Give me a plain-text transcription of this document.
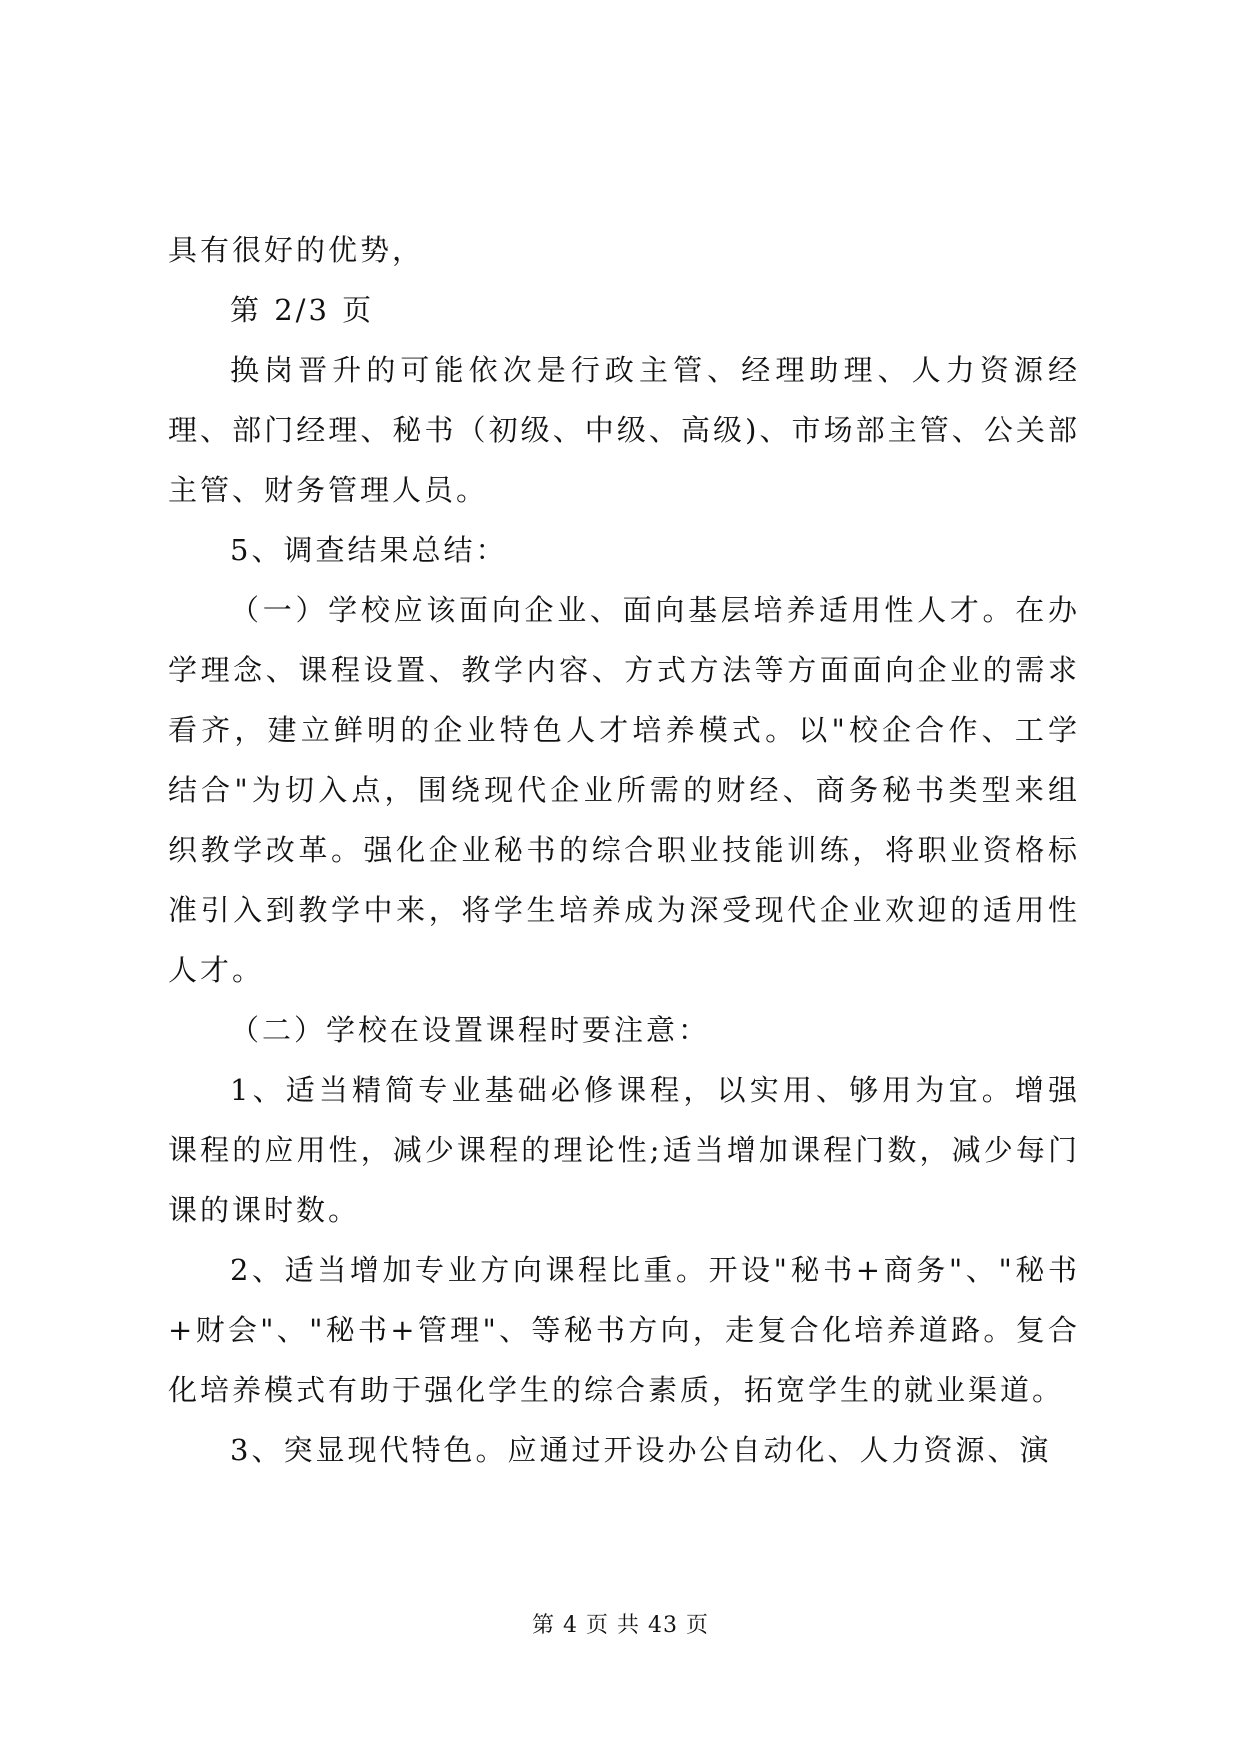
具有很好的优势，

第 2/3 页

换岗晋升的可能依次是行政主管、经理助理、人力资源经理、部门经理、秘书（初级、中级、高级)、市场部主管、公关部主管、财务管理人员。

5、调查结果总结：

（一）学校应该面向企业、面向基层培养适用性人才。在办学理念、课程设置、教学内容、方式方法等方面面向企业的需求看齐，建立鲜明的企业特色人才培养模式。以"校企合作、工学结合"为切入点，围绕现代企业所需的财经、商务秘书类型来组织教学改革。强化企业秘书的综合职业技能训练，将职业资格标准引入到教学中来，将学生培养成为深受现代企业欢迎的适用性人才。

（二）学校在设置课程时要注意：

1、适当精简专业基础必修课程，以实用、够用为宜。增强课程的应用性，减少课程的理论性;适当增加课程门数，减少每门课的课时数。

2、适当增加专业方向课程比重。开设"秘书+商务"、"秘书+财会"、"秘书+管理"、等秘书方向，走复合化培养道路。复合化培养模式有助于强化学生的综合素质，拓宽学生的就业渠道。

3、突显现代特色。应通过开设办公自动化、人力资源、演

第 4 页 共 43 页
